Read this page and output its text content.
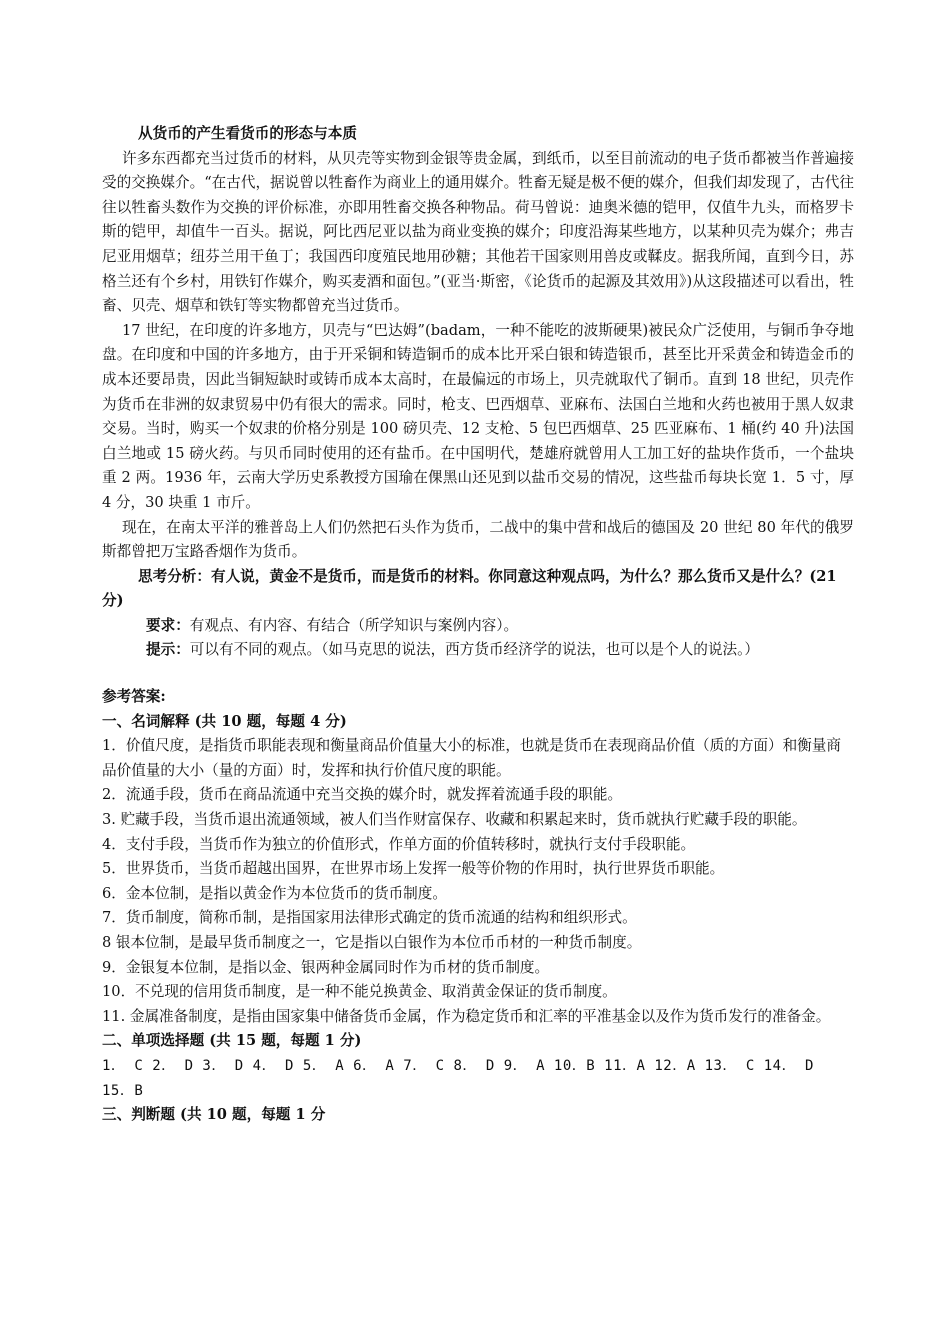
从货币的产生看货币的形态与本质
许多东西都充当过货币的材料，从贝壳等实物到金银等贵金属，到纸币，以至目前流动的电子货币都被当作普遍接受的交换媒介。“在古代，据说曾以牲畜作为商业上的通用媒介。牲畜无疑是极不便的媒介，但我们却发现了，古代往往以牲畜头数作为交换的评价标准，亦即用牲畜交换各种物品。荷马曾说：迪奥米德的铠甲，仅值牛九头，而格罗卡斯的铠甲，却值牛一百头。据说，阿比西尼亚以盐为商业变换的媒介；印度沿海某些地方，以某种贝壳为媒介；弗吉尼亚用烟草；纽芬兰用干鱼丁；我国西印度殖民地用砂糖；其他若干国家则用兽皮或鞣皮。据我所闻，直到今日，苏格兰还有个乡村，用铁钉作媒介，购买麦酒和面包。”(亚当·斯密，《论货币的起源及其效用》)从这段描述可以看出，牲畜、贝壳、烟草和铁钉等实物都曾充当过货币。
17 世纪，在印度的许多地方，贝壳与“巴达姆”(badam，一种不能吃的波斯硬果)被民众广泛使用，与铜币争夺地盘。在印度和中国的许多地方，由于开采铜和铸造铜币的成本比开采白银和铸造银币，甚至比开采黄金和铸造金币的成本还要昂贵，因此当铜短缺时或铸币成本太高时，在最偏远的市场上，贝壳就取代了铜币。直到 18 世纪，贝壳作为货币在非洲的奴隶贸易中仍有很大的需求。同时，枪支、巴西烟草、亚麻布、法国白兰地和火药也被用于黑人奴隶交易。当时，购买一个奴隶的价格分别是 100 磅贝壳、12 支枪、5 包巴西烟草、25 匹亚麻布、1 桶(约 40 升)法国白兰地或 15 磅火药。与贝币同时使用的还有盐币。在中国明代，楚雄府就曾用人工加工好的盐块作货币，一个盐块重 2 两。1936 年，云南大学历史系教授方国瑜在倮黑山还见到以盐币交易的情况，这些盐币每块长宽 1．5 寸，厚 4 分，30 块重 1 市斤。
现在，在南太平洋的雅普岛上人们仍然把石头作为货币，二战中的集中营和战后的德国及 20 世纪 80 年代的俄罗斯都曾把万宝路香烟作为货币。
思考分析：有人说，黄金不是货币，而是货币的材料。你同意这种观点吗，为什么？那么货币又是什么？(21 分)
要求：有观点、有内容、有结合（所学知识与案例内容）。
提示：可以有不同的观点。（如马克思的说法，西方货币经济学的说法，也可以是个人的说法。）
参考答案:
一、名词解释 (共 10 题，每题 4 分)
1．价值尺度，是指货币职能表现和衡量商品价值量大小的标准，也就是货币在表现商品价值（质的方面）和衡量商品价值量的大小（量的方面）时，发挥和执行价值尺度的职能。
2．流通手段，货币在商品流通中充当交换的媒介时，就发挥着流通手段的职能。
3. 贮藏手段，当货币退出流通领域，被人们当作财富保存、收藏和积累起来时，货币就执行贮藏手段的职能。
4．支付手段，当货币作为独立的价值形式，作单方面的价值转移时，就执行支付手段职能。
5．世界货币，当货币超越出国界，在世界市场上发挥一般等价物的作用时，执行世界货币职能。
6．金本位制，是指以黄金作为本位货币的货币制度。
7．货币制度，简称币制，是指国家用法律形式确定的货币流通的结构和组织形式。
8 银本位制，是最早货币制度之一，它是指以白银作为本位币币材的一种货币制度。
9．金银复本位制，是指以金、银两种金属同时作为币材的货币制度。
10．不兑现的信用货币制度，是一种不能兑换黄金、取消黄金保证的货币制度。
11. 金属准备制度，是指由国家集中储备货币金属，作为稳定货币和汇率的平准基金以及作为货币发行的准备金。
二、单项选择题 (共 15 题，每题 1 分)
1． C 2． D 3． D 4． D 5． A 6． A 7． C 8． D 9． A 10．B 11．A 12．A 13． C 14． D
15．B
三、判断题 (共 10 题，每题 1 分
